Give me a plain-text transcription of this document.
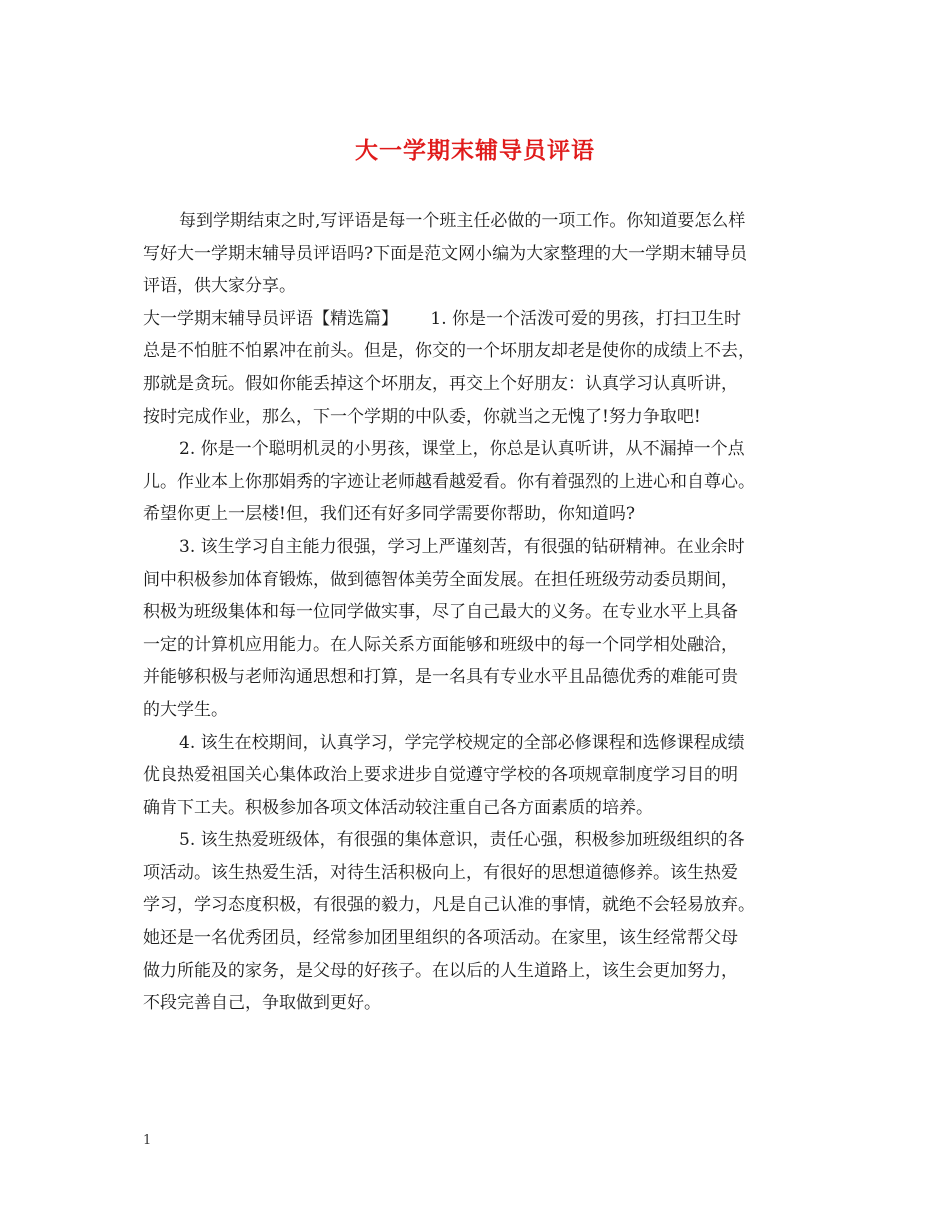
大一学期末辅导员评语
每到学期结束之时,写评语是每一个班主任必做的一项工作。你知道要怎么样
写好大一学期末辅导员评语吗?下面是范文网小编为大家整理的大一学期末辅导员
评语，供大家分享。
大一学期末辅导员评语【精选篇】      1. 你是一个活泼可爱的男孩，打扫卫生时
总是不怕脏不怕累冲在前头。但是，你交的一个坏朋友却老是使你的成绩上不去，
那就是贪玩。假如你能丢掉这个坏朋友，再交上个好朋友：认真学习认真听讲，
按时完成作业，那么，下一个学期的中队委，你就当之无愧了!努力争取吧!
2. 你是一个聪明机灵的小男孩，课堂上，你总是认真听讲，从不漏掉一个点
儿。作业本上你那娟秀的字迹让老师越看越爱看。你有着强烈的上进心和自尊心。
希望你更上一层楼!但，我们还有好多同学需要你帮助，你知道吗?
3. 该生学习自主能力很强，学习上严谨刻苦，有很强的钻研精神。在业余时
间中积极参加体育锻炼，做到德智体美劳全面发展。在担任班级劳动委员期间，
积极为班级集体和每一位同学做实事，尽了自己最大的义务。在专业水平上具备
一定的计算机应用能力。在人际关系方面能够和班级中的每一个同学相处融洽，
并能够积极与老师沟通思想和打算，是一名具有专业水平且品德优秀的难能可贵
的大学生。
4. 该生在校期间，认真学习，学完学校规定的全部必修课程和选修课程成绩
优良热爱祖国关心集体政治上要求进步自觉遵守学校的各项规章制度学习目的明
确肯下工夫。积极参加各项文体活动较注重自己各方面素质的培养。
5. 该生热爱班级体，有很强的集体意识，责任心强，积极参加班级组织的各
项活动。该生热爱生活，对待生活积极向上，有很好的思想道德修养。该生热爱
学习，学习态度积极，有很强的毅力，凡是自己认准的事情，就绝不会轻易放弃。
她还是一名优秀团员，经常参加团里组织的各项活动。在家里，该生经常帮父母
做力所能及的家务，是父母的好孩子。在以后的人生道路上，该生会更加努力，
不段完善自己，争取做到更好。
1
